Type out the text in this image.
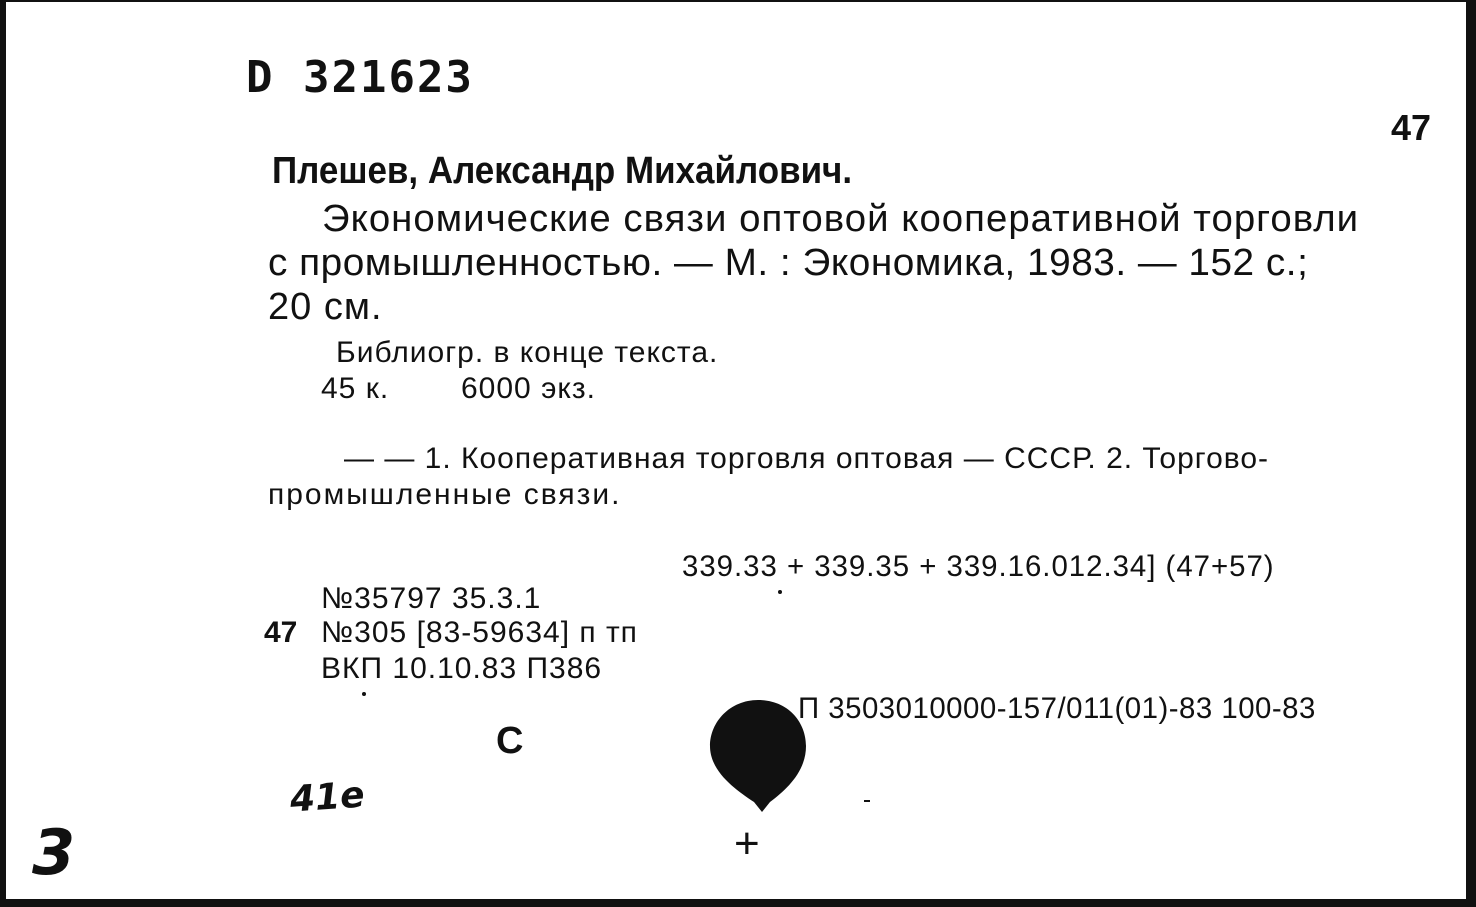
D 321623
47
Плешев, Александр Михайлович.
Экономические связи оптовой кооперативной торговли
с промышленностью. — М. : Экономика, 1983. — 152 с.;
20 см.
Библиогр. в конце текста.
45 к. 6000 экз.
— — 1. Кооперативная торговля оптовая — СССР. 2. Торгово-
промышленные связи.
339.33 + 339.35 + 339.16.012.34] (47+57)
№35797 35.3.1
47 №305 [83-59634] п тп
ВКП 10.10.83 П386
П 3503010000-157/011(01)-83 100-83
С
41e
3	+
